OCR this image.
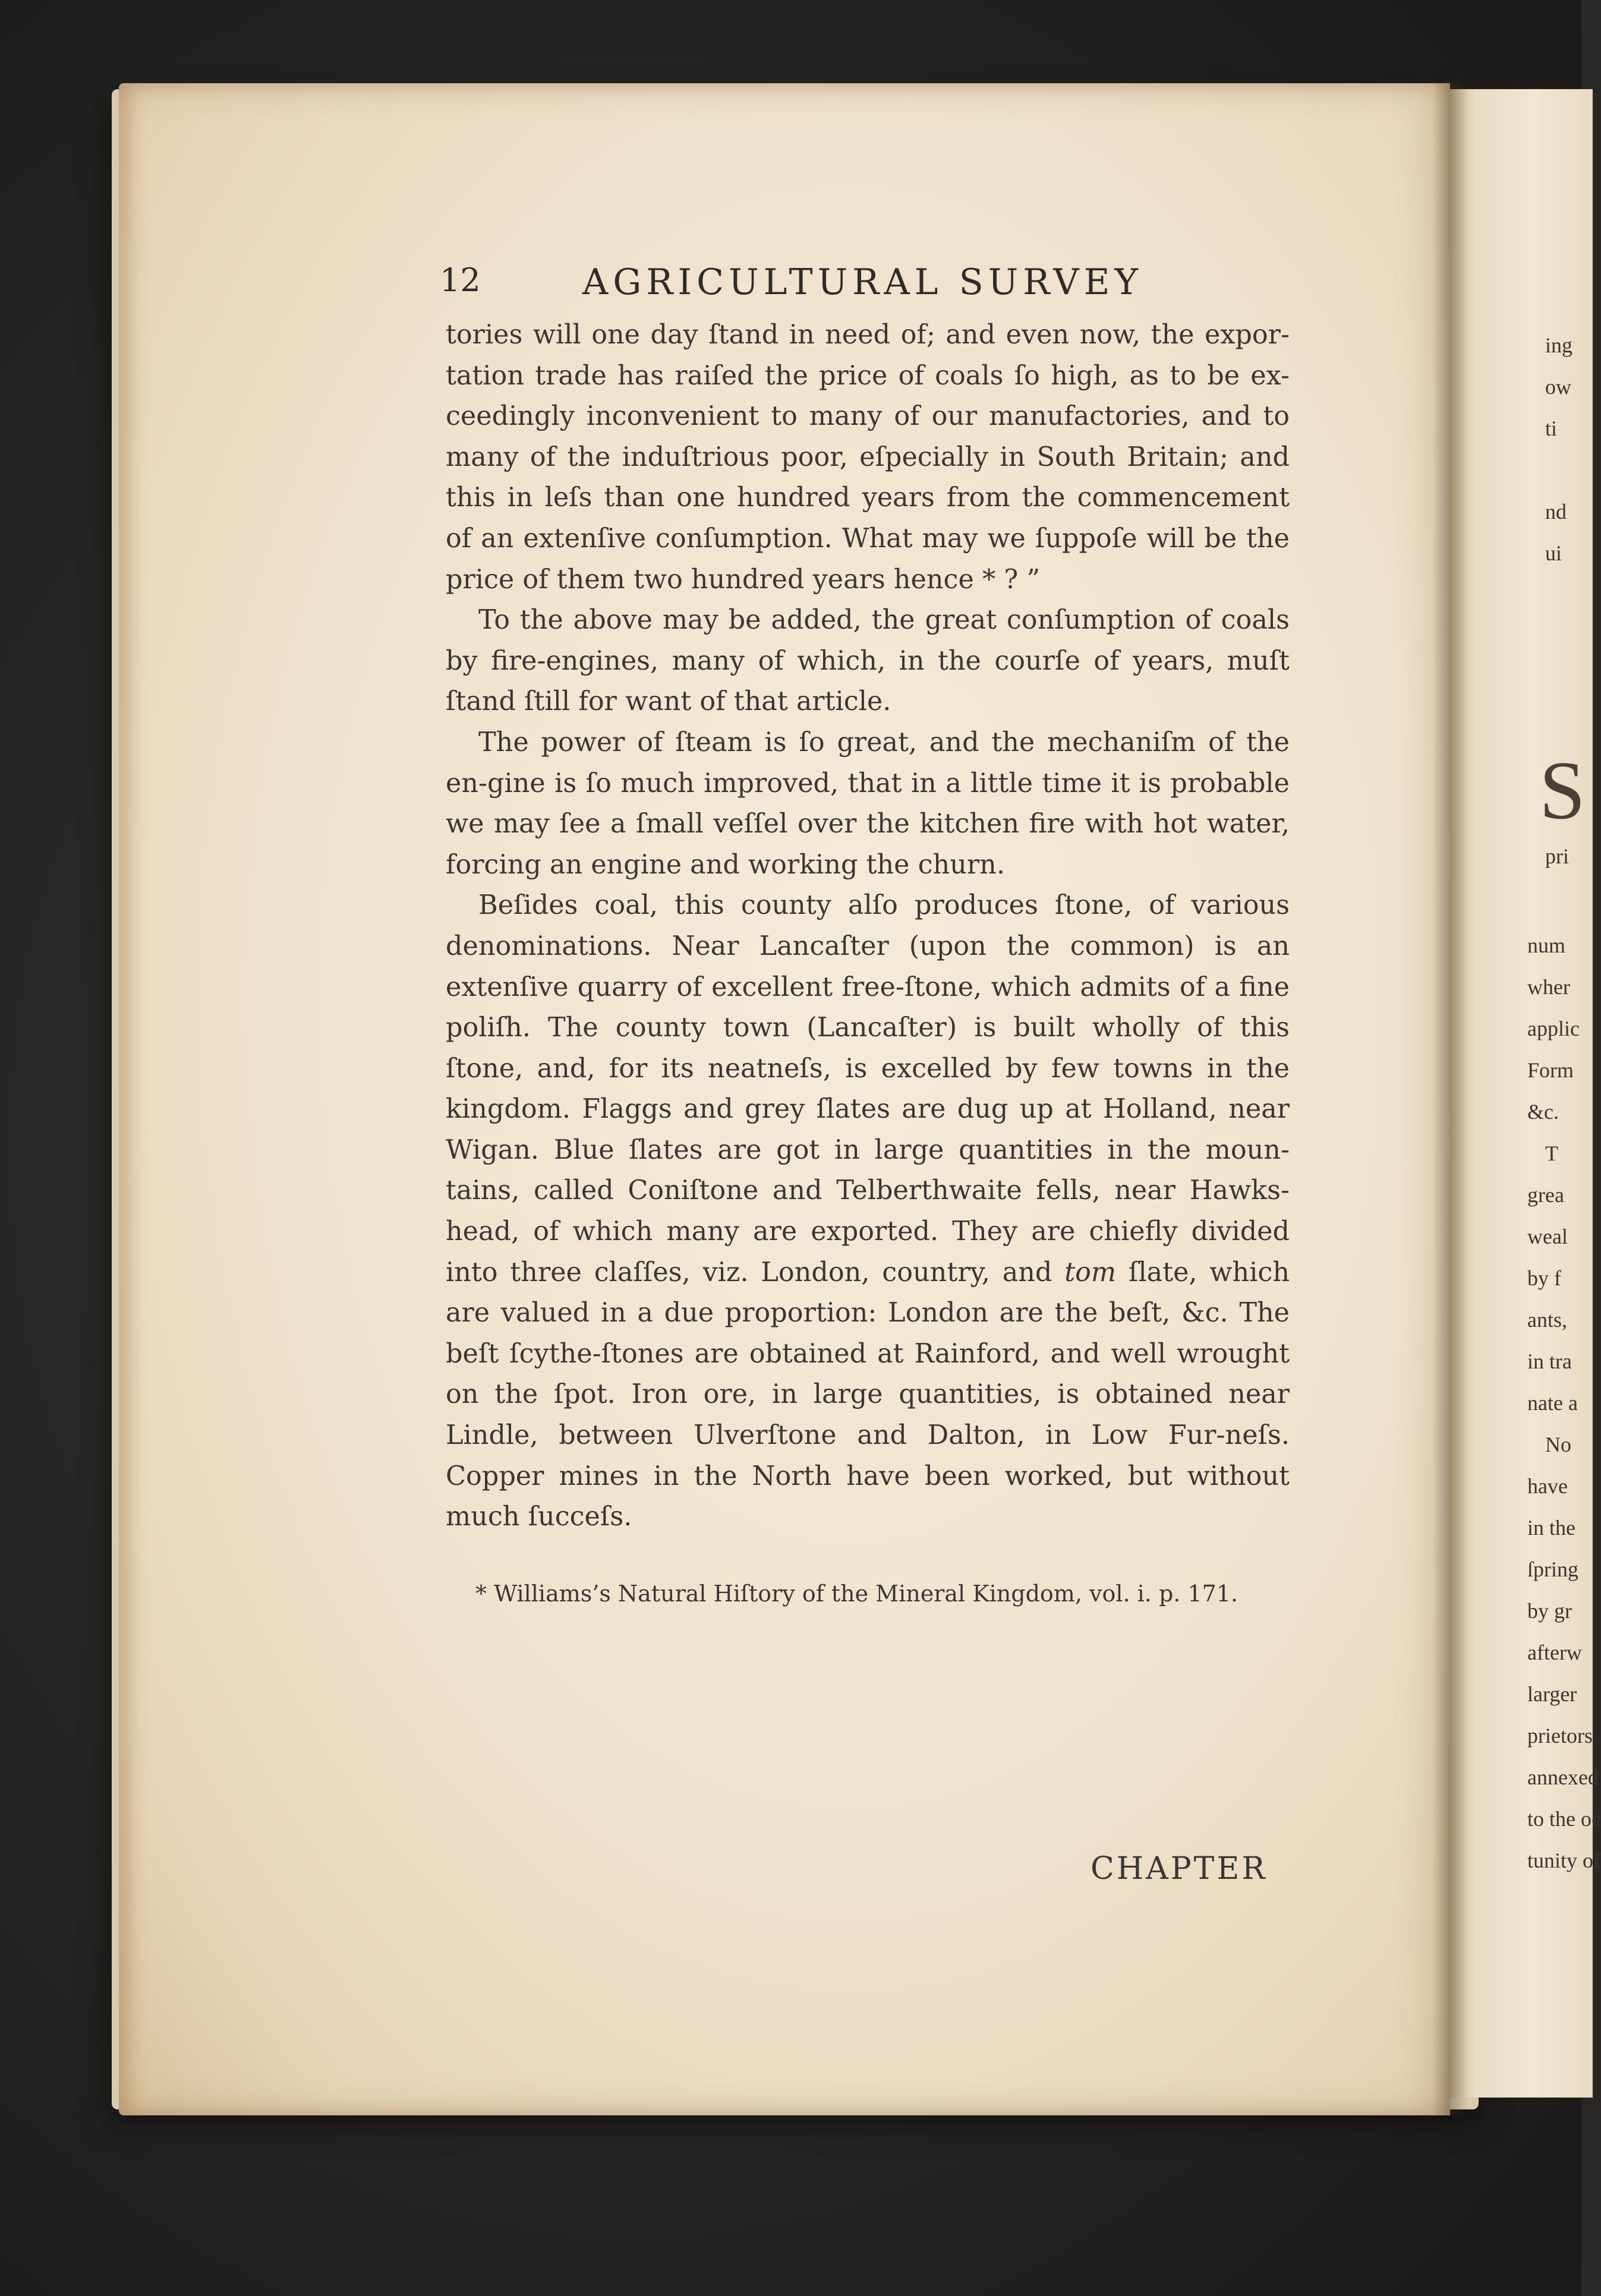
12	AGRICULTURAL SURVEY

tories will one day ſtand in need of; and even now, the expor-tation trade has raiſed the price of coals ſo high, as to be ex-ceedingly inconvenient to many of our manufactories, and to many of the induſtrious poor, eſpecially in South Britain; and this in leſs than one hundred years from the commencement of an extenſive conſumption. What may we ſuppoſe will be the price of them two hundred years hence * ? ”

To the above may be added, the great conſumption of coals by fire-engines, many of which, in the courſe of years, muſt ſtand ſtill for want of that article.

The power of ſteam is ſo great, and the mechaniſm of the en-gine is ſo much improved, that in a little time it is probable we may ſee a ſmall veſſel over the kitchen fire with hot water, forcing an engine and working the churn.

Beſides coal, this county alſo produces ſtone, of various denominations. Near Lancaſter (upon the common) is an extenſive quarry of excellent free-ſtone, which admits of a fine poliſh. The county town (Lancaſter) is built wholly of this ſtone, and, for its neatneſs, is excelled by few towns in the kingdom. Flaggs and grey ſlates are dug up at Holland, near Wigan. Blue ſlates are got in large quantities in the moun-tains, called Coniſtone and Telberthwaite fells, near Hawks-head, of which many are exported. They are chiefly divided into three claſſes, viz. London, country, and tom ſlate, which are valued in a due proportion: London are the beſt, &c. The beſt ſcythe-ſtones are obtained at Rainford, and well wrought on the ſpot. Iron ore, in large quantities, is obtained near Lindle, between Ulverſtone and Dalton, in Low Fur-neſs. Copper mines in the North have been worked, but without much ſucceſs.

* Williams’s Natural Hiſtory of the Mineral Kingdom, vol. i. p. 171.
CHAPTER
S
ing
ow
ti
nd
ui
pri
num
wher
applic
Form
&c.
T
grea
weal
by f
ants,
in tra
nate a
No
have
in the
ſpring
by gr
afterw
larger
prietors
annexed
to the oc
tunity of
